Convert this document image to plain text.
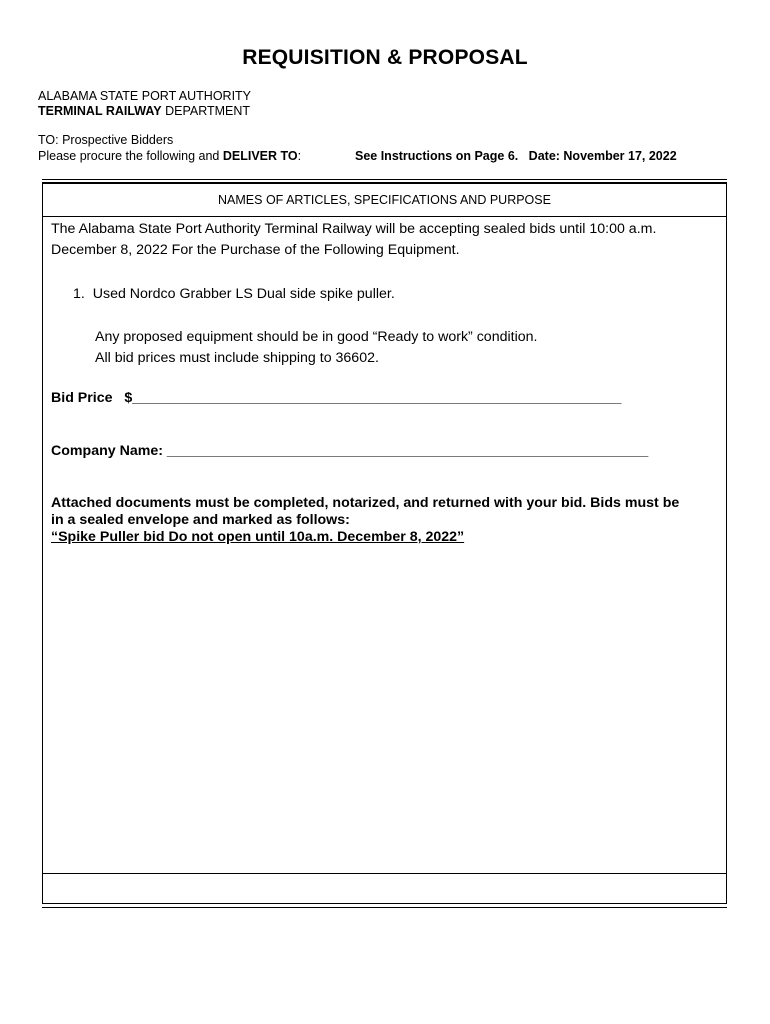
REQUISITION & PROPOSAL
ALABAMA STATE PORT AUTHORITY
TERMINAL RAILWAY DEPARTMENT
TO: Prospective Bidders
Please procure the following and DELIVER TO:	See Instructions on Page 6. Date: November 17, 2022
NAMES OF ARTICLES, SPECIFICATIONS AND PURPOSE
The Alabama State Port Authority Terminal Railway will be accepting sealed bids until 10:00 a.m.
December 8, 2022 For the Purchase of the Following Equipment.
1. Used Nordco Grabber LS Dual side spike puller.
Any proposed equipment should be in good “Ready to work” condition.
All bid prices must include shipping to 36602.
Bid Price $______________________________________________________________
Company Name: _____________________________________________________________
Attached documents must be completed, notarized, and returned with your bid. Bids must be
in a sealed envelope and marked as follows:
“Spike Puller bid Do not open until 10a.m. December 8, 2022”
